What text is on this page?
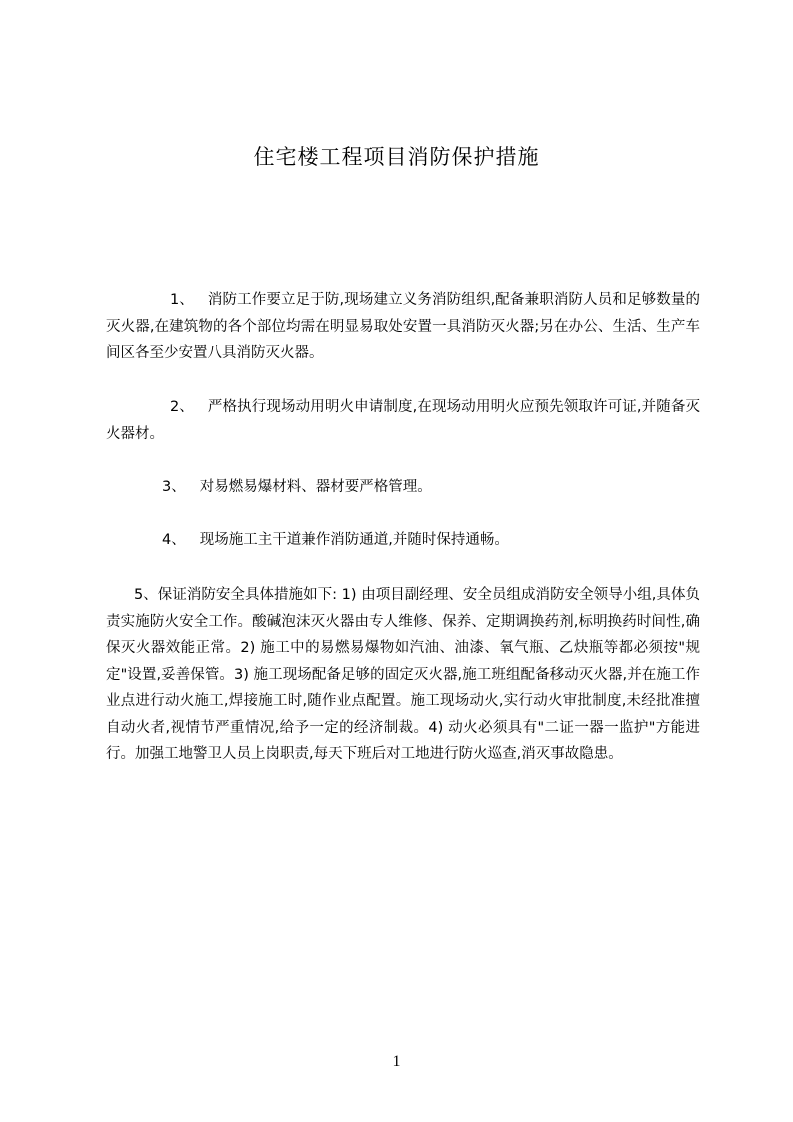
住宅楼工程项目消防保护措施

1、 消防工作要立足于防,现场建立义务消防组织,配备兼职消防人员和足够数量的灭火器,在建筑物的各个部位均需在明显易取处安置一具消防灭火器;另在办公、生活、生产车间区各至少安置八具消防灭火器。

2、 严格执行现场动用明火申请制度,在现场动用明火应预先领取许可证,并随备灭火器材。

3、 对易燃易爆材料、器材要严格管理。

4、 现场施工主干道兼作消防通道,并随时保持通畅。

5、保证消防安全具体措施如下: 1) 由项目副经理、安全员组成消防安全领导小组,具体负责实施防火安全工作。酸碱泡沫灭火器由专人维修、保养、定期调换药剂,标明换药时间性,确保灭火器效能正常。2) 施工中的易燃易爆物如汽油、油漆、氧气瓶、乙炔瓶等都必须按"规定"设置,妥善保管。3) 施工现场配备足够的固定灭火器,施工班组配备移动灭火器,并在施工作业点进行动火施工,焊接施工时,随作业点配置。施工现场动火,实行动火审批制度,未经批准擅自动火者,视情节严重情况,给予一定的经济制裁。4) 动火必须具有"二证一器一监护"方能进行。加强工地警卫人员上岗职责,每天下班后对工地进行防火巡查,消灭事故隐患。

1
